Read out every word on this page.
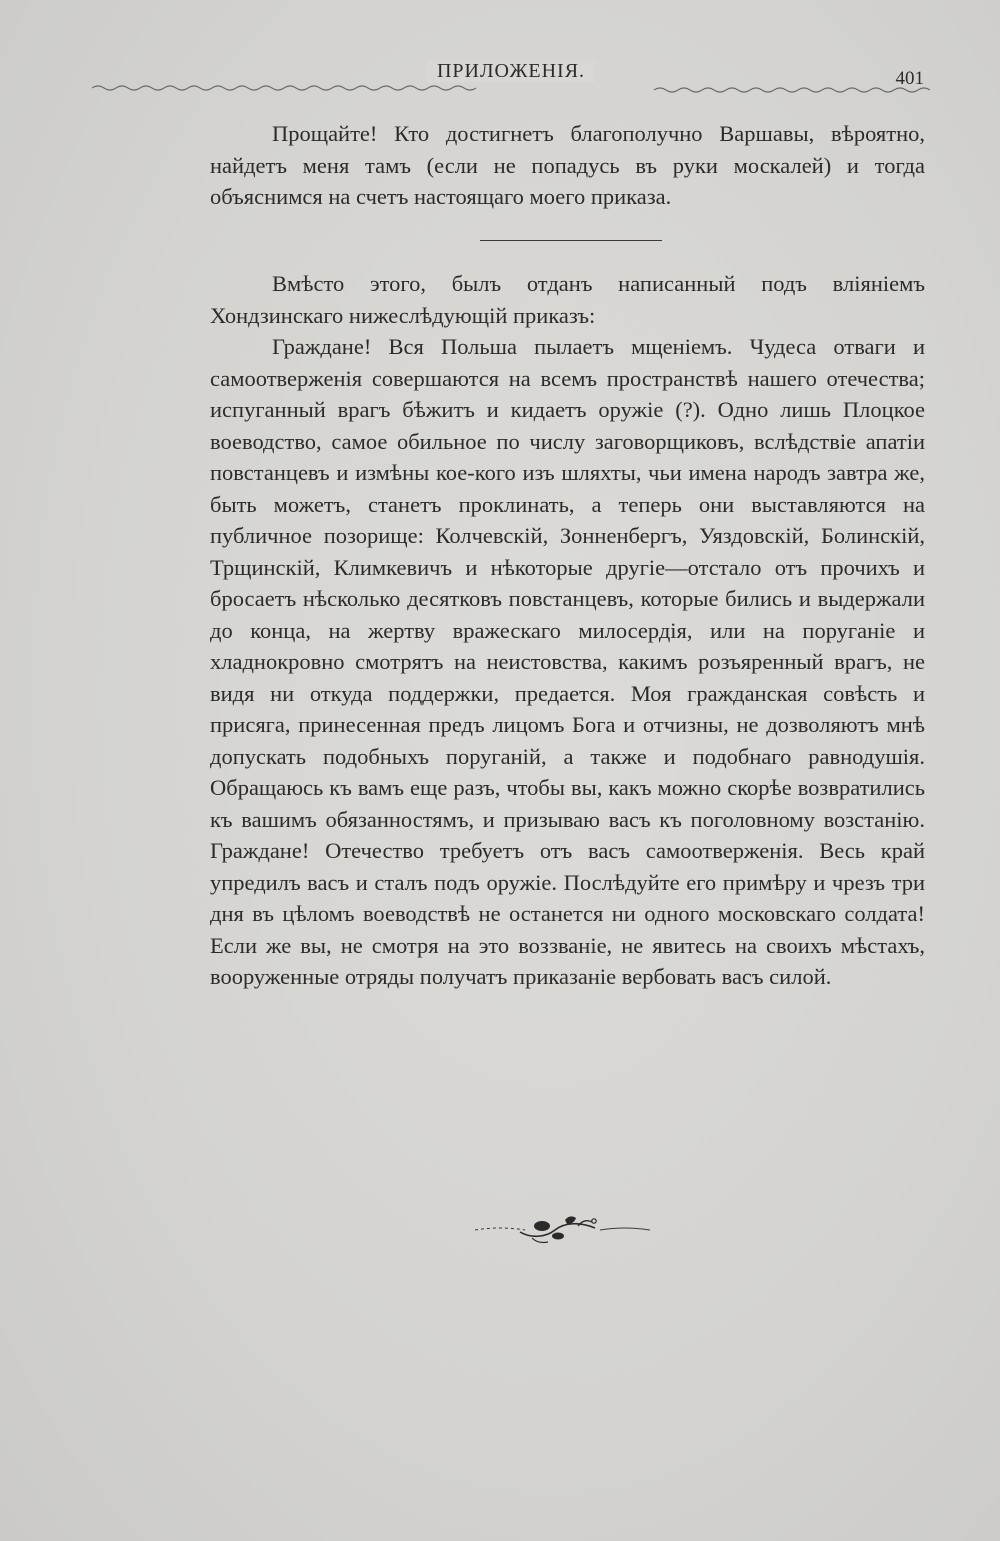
ПРИЛОЖЕНІЯ.	401

Прощайте! Кто достигнетъ благополучно Варшавы, вѣроятно, найдетъ меня тамъ (если не попадусь въ руки москалей) и тогда объяснимся на счетъ настоящаго моего приказа.

Вмѣсто этого, былъ отданъ написанный подъ вліяніемъ Хондзинскаго нижеслѣдующій приказъ:

Граждане! Вся Польша пылаетъ мщеніемъ. Чудеса отваги и самоотверженія совершаются на всемъ пространствѣ нашего отечества; испуганный врагъ бѣжитъ и кидаетъ оружіе (?). Одно лишь Плоцкое воеводство, самое обильное по числу заговорщиковъ, вслѣдствіе апатіи повстанцевъ и измѣны кое-кого изъ шляхты, чьи имена народъ завтра же, быть можетъ, станетъ проклинать, а теперь они выставляются на публичное позорище: Колчевскій, Зонненбергъ, Уяздовскій, Болинскій, Трщинскій, Климкевичъ и нѣкоторые другіе—отстало отъ прочихъ и бросаетъ нѣсколько десятковъ повстанцевъ, которые бились и выдержали до конца, на жертву вражескаго милосердія, или на поруганіе и хладнокровно смотрятъ на неистовства, какимъ розъяренный врагъ, не видя ни откуда поддержки, предается. Моя гражданская совѣсть и присяга, принесенная предъ лицомъ Бога и отчизны, не дозволяютъ мнѣ допускать подобныхъ поруганій, а также и подобнаго равнодушія. Обращаюсь къ вамъ еще разъ, чтобы вы, какъ можно скорѣе возвратились къ вашимъ обязанностямъ, и призываю васъ къ поголовному возстанію. Граждане! Отечество требуетъ отъ васъ самоотверженія. Весь край упредилъ васъ и сталъ подъ оружіе. Послѣдуйте его примѣру и чрезъ три дня въ цѣломъ воеводствѣ не останется ни одного московскаго солдата! Если же вы, не смотря на это воззваніе, не явитесь на своихъ мѣстахъ, вооруженные отряды получатъ приказаніе вербовать васъ силой.
